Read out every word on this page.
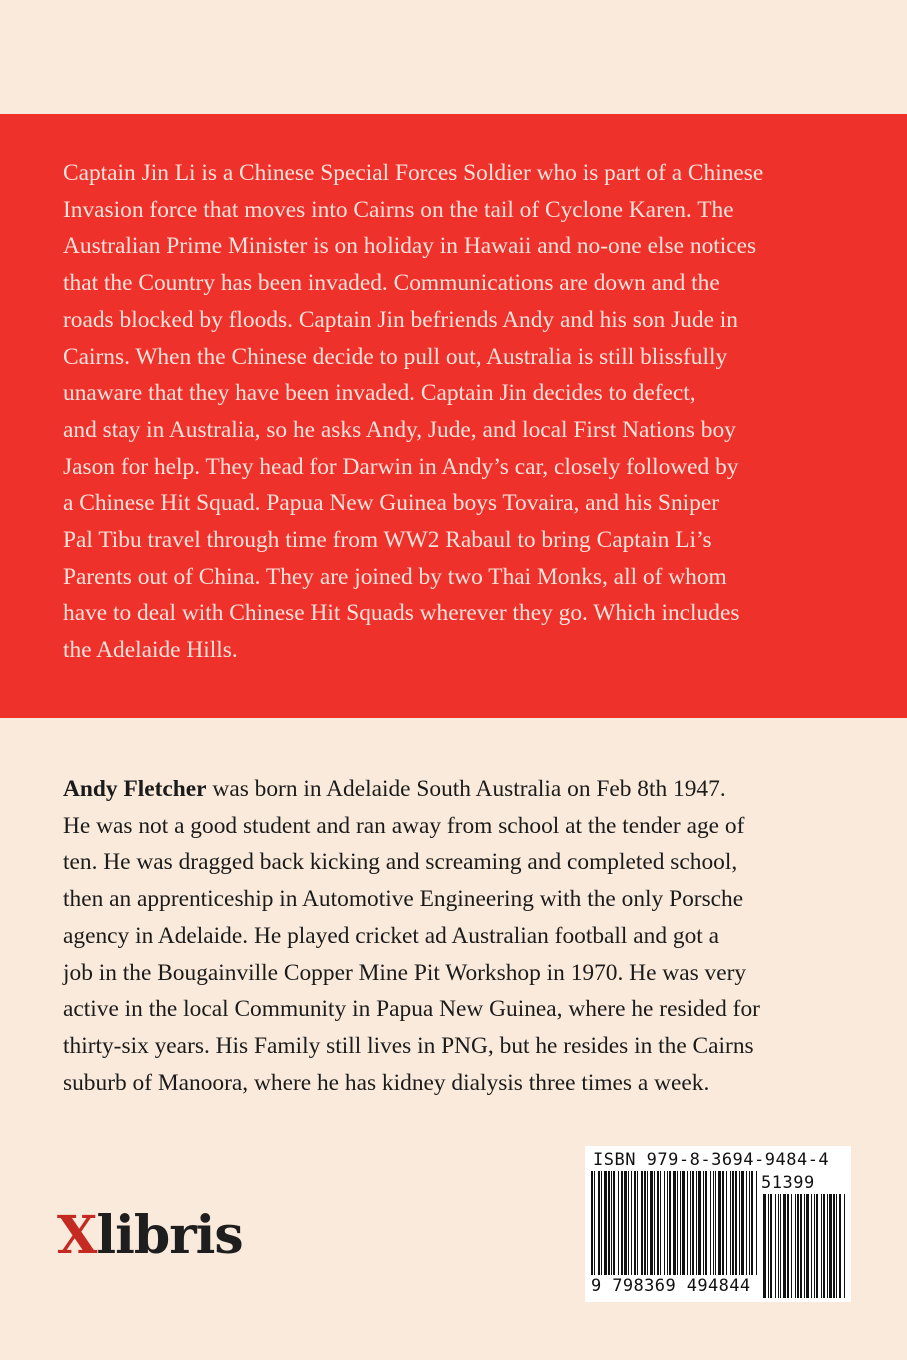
Captain Jin Li is a Chinese Special Forces Soldier who is part of a Chinese
Invasion force that moves into Cairns on the tail of Cyclone Karen. The
Australian Prime Minister is on holiday in Hawaii and no-one else notices
that the Country has been invaded. Communications are down and the
roads blocked by floods. Captain Jin befriends Andy and his son Jude in
Cairns. When the Chinese decide to pull out, Australia is still blissfully
unaware that they have been invaded. Captain Jin decides to defect,
and stay in Australia, so he asks Andy, Jude, and local First Nations boy
Jason for help. They head for Darwin in Andy’s car, closely followed by
a Chinese Hit Squad. Papua New Guinea boys Tovaira, and his Sniper
Pal Tibu travel through time from WW2 Rabaul to bring Captain Li’s
Parents out of China. They are joined by two Thai Monks, all of whom
have to deal with Chinese Hit Squads wherever they go. Which includes
the Adelaide Hills.
Andy Fletcher was born in Adelaide South Australia on Feb 8th 1947.
He was not a good student and ran away from school at the tender age of
ten. He was dragged back kicking and screaming and completed school,
then an apprenticeship in Automotive Engineering with the only Porsche
agency in Adelaide. He played cricket ad Australian football and got a
job in the Bougainville Copper Mine Pit Workshop in 1970. He was very
active in the local Community in Papua New Guinea, where he resided for
thirty-six years. His Family still lives in PNG, but he resides in the Cairns
suburb of Manoora, where he has kidney dialysis three times a week.
Xlibris
ISBN 979-8-3694-9484-4
51399
9 798369 494844
